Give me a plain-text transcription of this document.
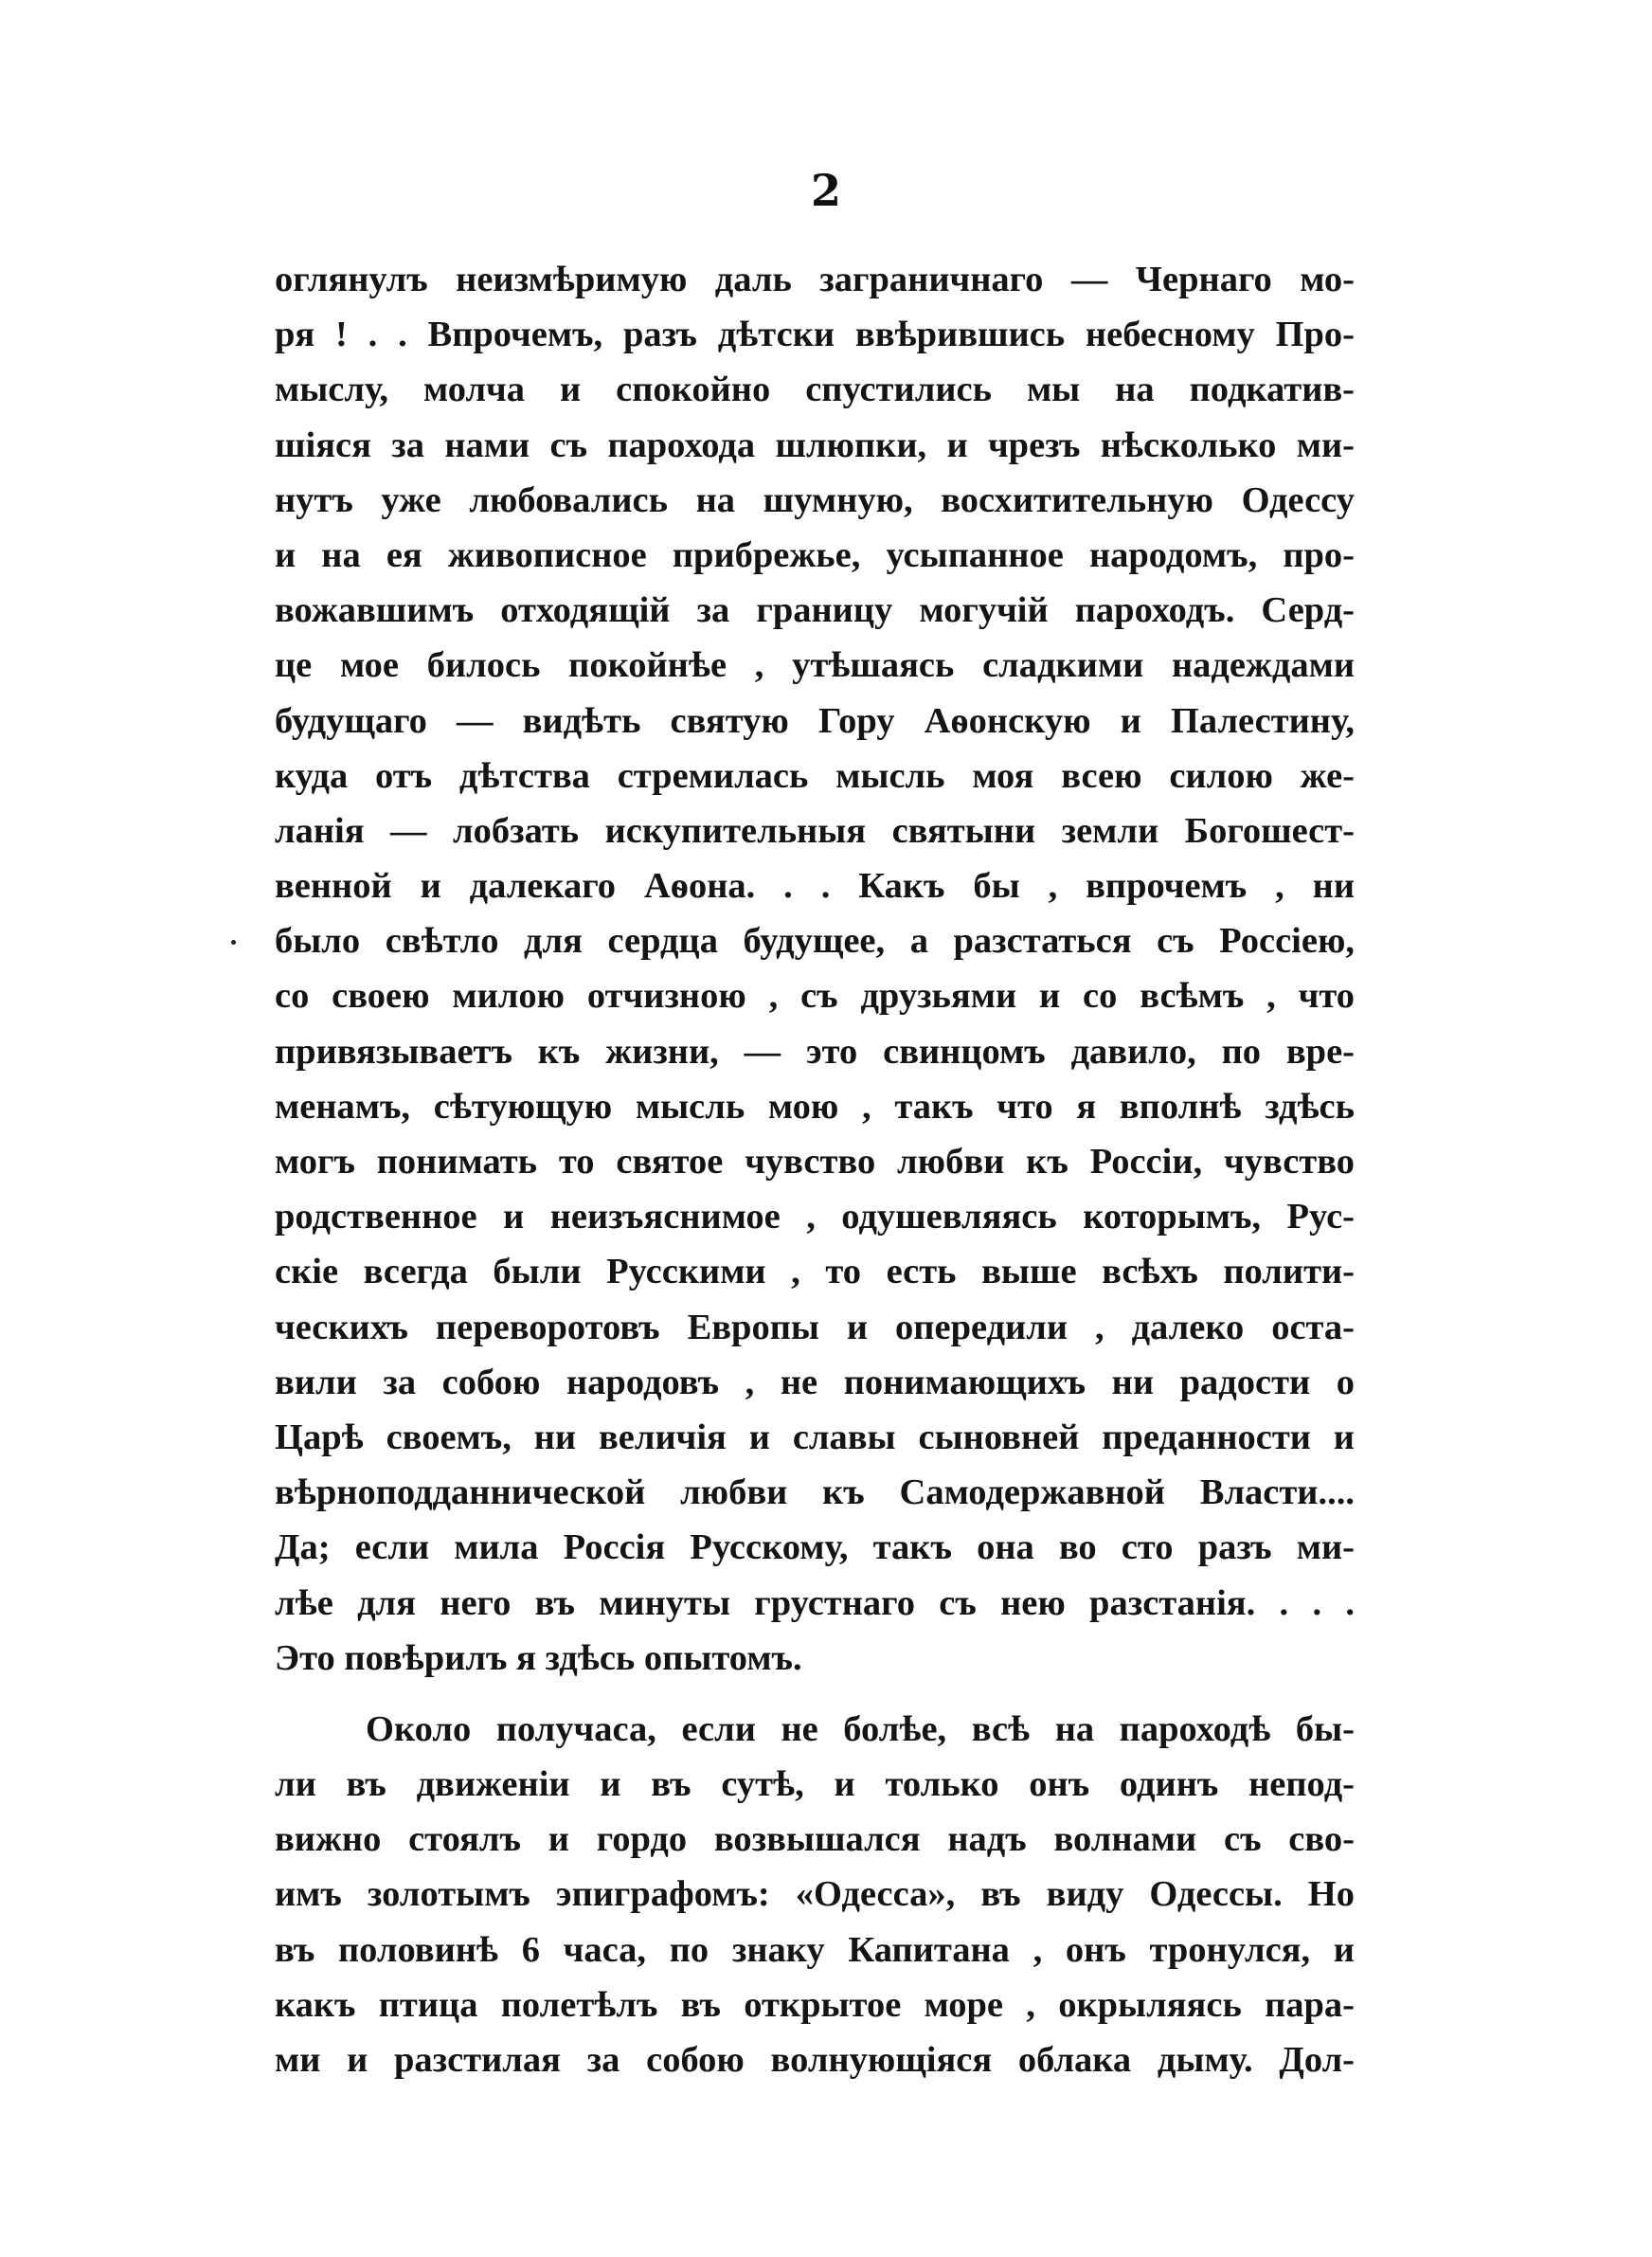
2

оглянулъ неизмѣримую даль заграничнаго — Чернаго мо-
ря ! . . Впрочемъ, разъ дѣтски ввѣрившись небесному Про-
мыслу, молча и спокойно спустились мы на подкатив-
шіяся за нами съ парохода шлюпки, и чрезъ нѣсколько ми-
нутъ уже любовались на шумную, восхитительную Одессу
и на ея живописное прибрежье, усыпанное народомъ, про-
вожавшимъ отходящій за границу могучій пароходъ. Серд-
це мое билось покойнѣе , утѣшаясь сладкими надеждами
будущаго — видѣть святую Гору Аѳонскую и Палестину,
куда отъ дѣтства стремилась мысль моя всею силою же-
ланія — лобзать искупительныя святыни земли Богошест-
венной и далекаго Аѳона. . . Какъ бы , впрочемъ , ни
было свѣтло для сердца будущее, а разстаться съ Россіею,
со своею милою отчизною , съ друзьями и со всѣмъ , что
привязываетъ къ жизни, — это свинцомъ давило, по вре-
менамъ, сѣтующую мысль мою , такъ что я вполнѣ здѣсь
могъ понимать то святое чувство любви къ Россіи, чувство
родственное и неизъяснимое , одушевляясь которымъ, Рус-
скіе всегда были Русскими , то есть выше всѣхъ полити-
ческихъ переворотовъ Европы и опередили , далеко оста-
вили за собою народовъ , не понимающихъ ни радости о
Царѣ своемъ, ни величія и славы сыновней преданности и
вѣрноподданнической любви къ Самодержавной Власти....
Да; если мила Россія Русскому, такъ она во сто разъ ми-
лѣе для него въ минуты грустнаго съ нею разстанія. . . .
Это повѣрилъ я здѣсь опытомъ.

Около получаса, если не болѣе, всѣ на пароходѣ бы-
ли въ движеніи и въ сутѣ, и только онъ одинъ непод-
вижно стоялъ и гордо возвышался надъ волнами съ сво-
имъ золотымъ эпиграфомъ: «Одесса», въ виду Одессы. Но
въ половинѣ 6 часа, по знаку Капитана , онъ тронулся, и
какъ птица полетѣлъ въ открытое море , окрыляясь пара-
ми и разстилая за собою волнующіяся облака дыму. Дол-
